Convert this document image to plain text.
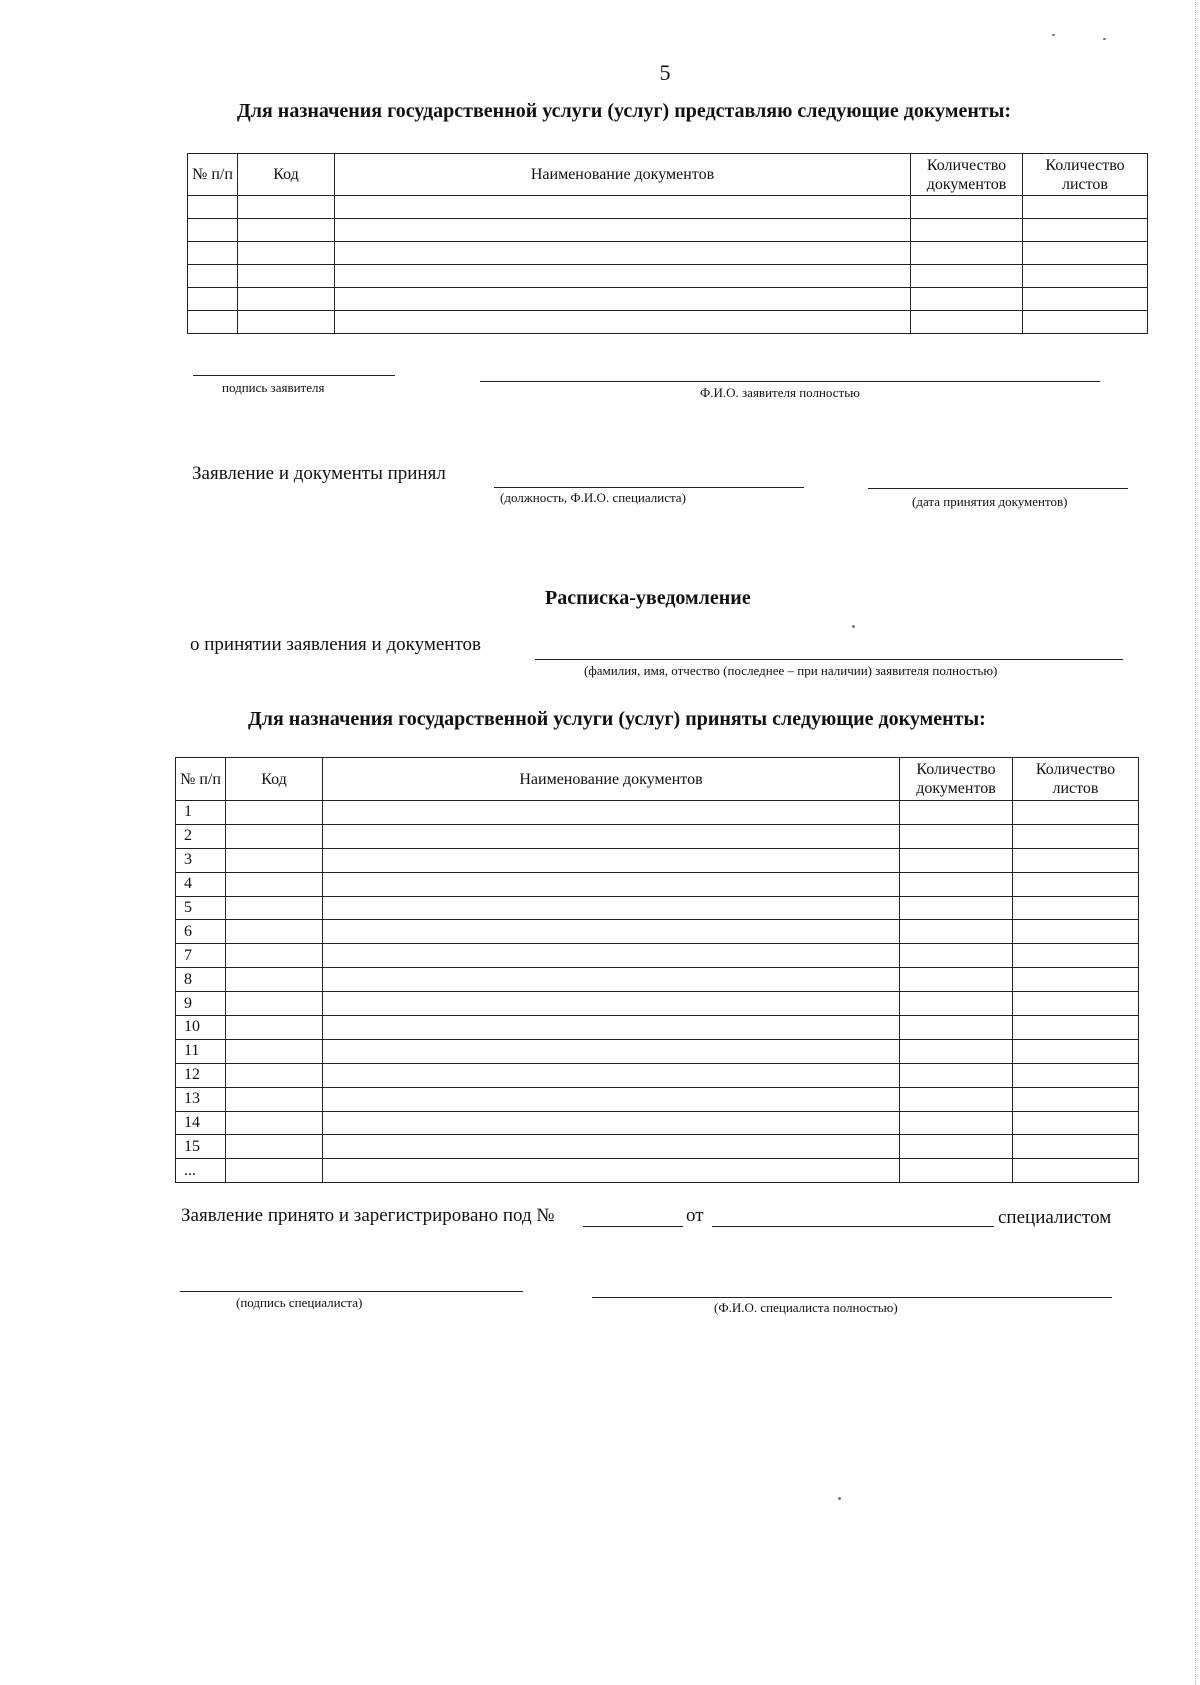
5
Для назначения государственной услуги (услуг) представляю следующие документы:
№ п/п	Код	Наименование документов	Количество документов	Количество листов

подпись заявителя	Ф.И.О. заявителя полностью
Заявление и документы принял
(должность, Ф.И.О. специалиста)	(дата принятия документов)
Расписка-уведомление
о принятии заявления и документов
(фамилия, имя, отчество (последнее – при наличии) заявителя полностью)
Для назначения государственной услуги (услуг) приняты следующие документы:
№ п/п	Код	Наименование документов	Количество документов	Количество листов
1				
2				
3				
4				
5				
6				
7				
8				
9				
10				
11				
12				
13				
14				
15				
...				
Заявление принято и зарегистрировано под №	от	специалистом
(подпись специалиста)	(Ф.И.О. специалиста полностью)
